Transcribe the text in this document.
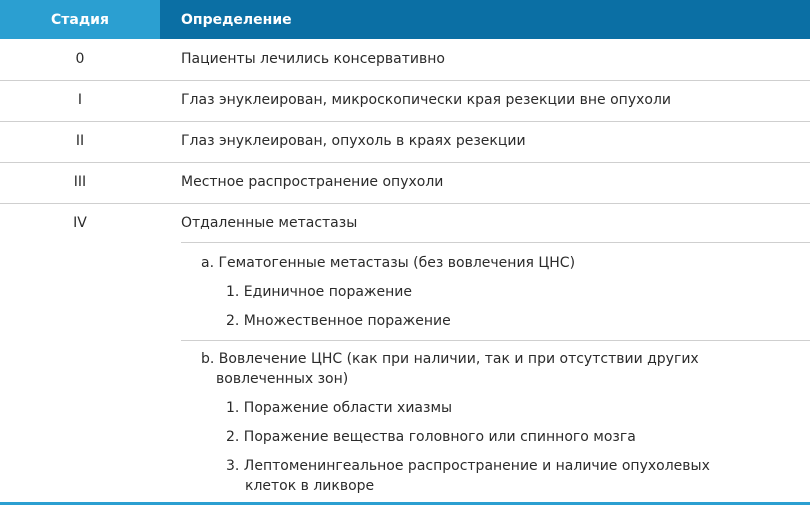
Стадия	Определение
0	Пациенты лечились консервативно
I	Глаз энуклеирован, микроскопически края резекции вне опухоли
II	Глаз энуклеирован, опухоль в краях резекции
III	Местное распространение опухоли
IV	Отдаленные метастазы
a. Гематогенные метастазы (без вовлечения ЦНС)
1. Единичное поражение
2. Множественное поражение
b. Вовлечение ЦНС (как при наличии, так и при отсутствии других
вовлеченных зон)
1. Поражение области хиазмы
2. Поражение вещества головного или спинного мозга
3. Лептоменингеальное распространение и наличие опухолевых
клеток в ликворе
